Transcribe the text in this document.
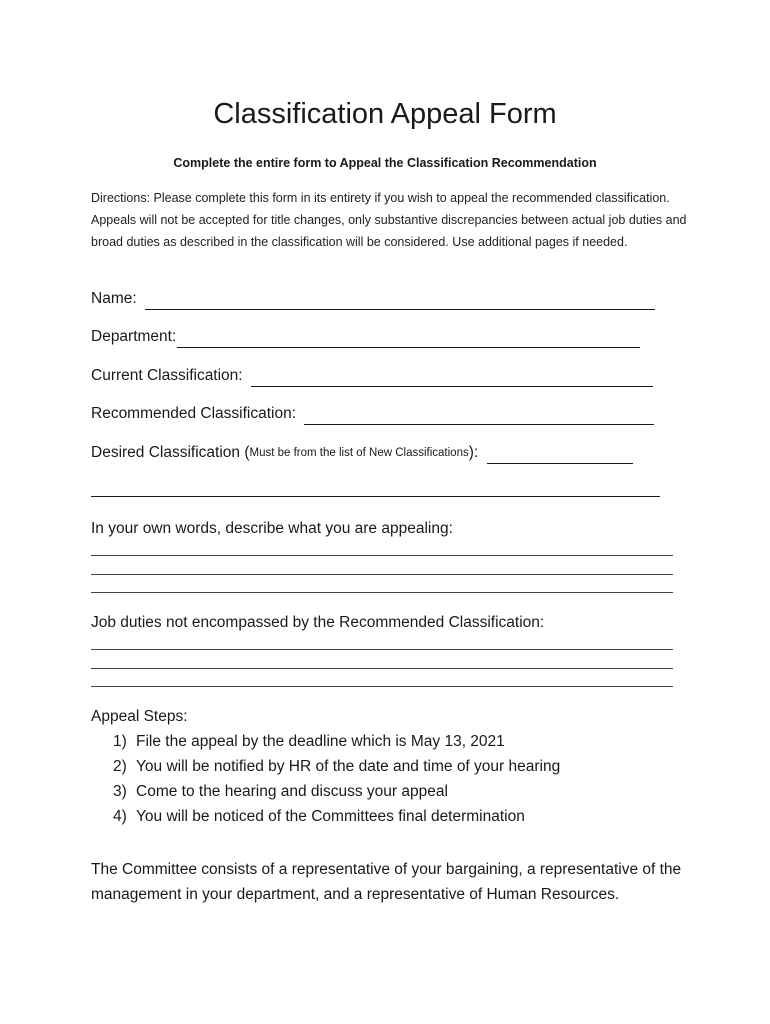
Classification Appeal Form
Complete the entire form to Appeal the Classification Recommendation
Directions: Please complete this form in its entirety if you wish to appeal the recommended classification. Appeals will not be accepted for title changes, only substantive discrepancies between actual job duties and broad duties as described in the classification will be considered. Use additional pages if needed.
Name:
Department:
Current Classification:
Recommended Classification:
Desired Classification ( Must be from the list of New Classifications ):
In your own words, describe what you are appealing:
Job duties not encompassed by the Recommended Classification:
Appeal Steps:
1) File the appeal by the deadline which is May 13, 2021
2) You will be notified by HR of the date and time of your hearing
3) Come to the hearing and discuss your appeal
4) You will be noticed of the Committees final determination
The Committee consists of a representative of your bargaining, a representative of the management in your department, and a representative of Human Resources.
